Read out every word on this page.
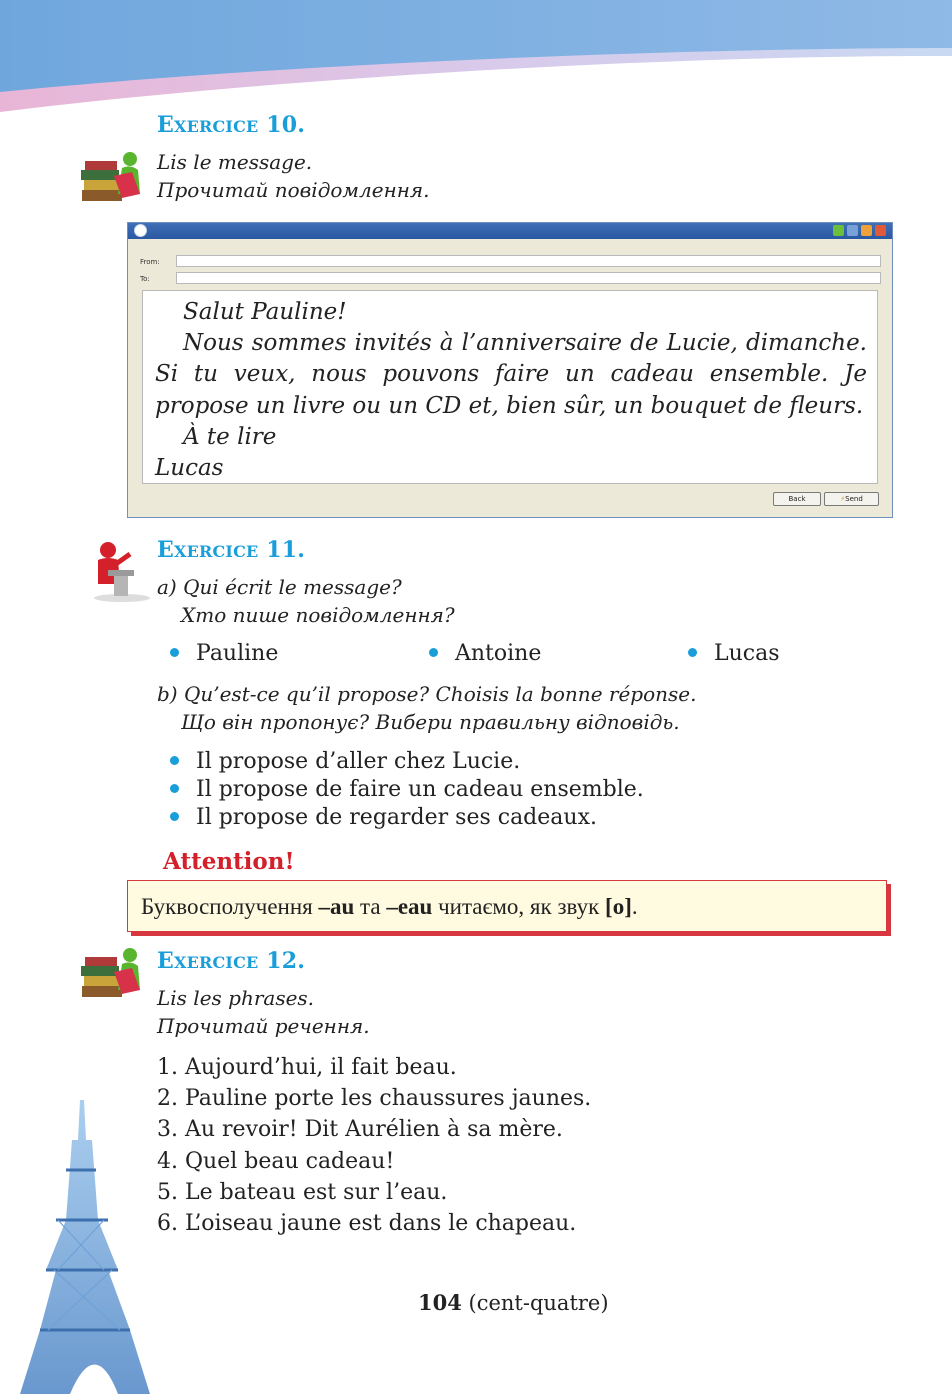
EXERCICE 10.
Lis le message.
Прочитай повідомлення.
From:
To:

Salut Pauline!

Nous sommes invités à l’anniversaire de Lucie, dimanche. Si tu veux, nous pouvons faire un cadeau ensemble. Je propose un livre ou un CD et, bien sûr, un bouquet de fleurs.

À te lire

Lucas

Back	⚡Send
EXERCICE 11.
a) Qui écrit le message?
Хто пише повідомлення?
Pauline	Antoine	Lucas
b) Qu’est-ce qu’il propose? Choisis la bonne réponse.
Що він пропонує? Вибери правильну відповідь.
Il propose d’aller chez Lucie.
Il propose de faire un cadeau ensemble.
Il propose de regarder ses cadeaux.
Attention!
Буквосполучення –au та –eau читаємо, як звук [o].
EXERCICE 12.
Lis les phrases.
Прочитай речення.
1. Aujourd’hui, il fait beau.
2. Pauline porte les chaussures jaunes.
3. Au revoir! Dit Aurélien à sa mère.
4. Quel beau cadeau!
5. Le bateau est sur l’eau.
6. L’oiseau jaune est dans le chapeau.
104 (cent-quatre)
